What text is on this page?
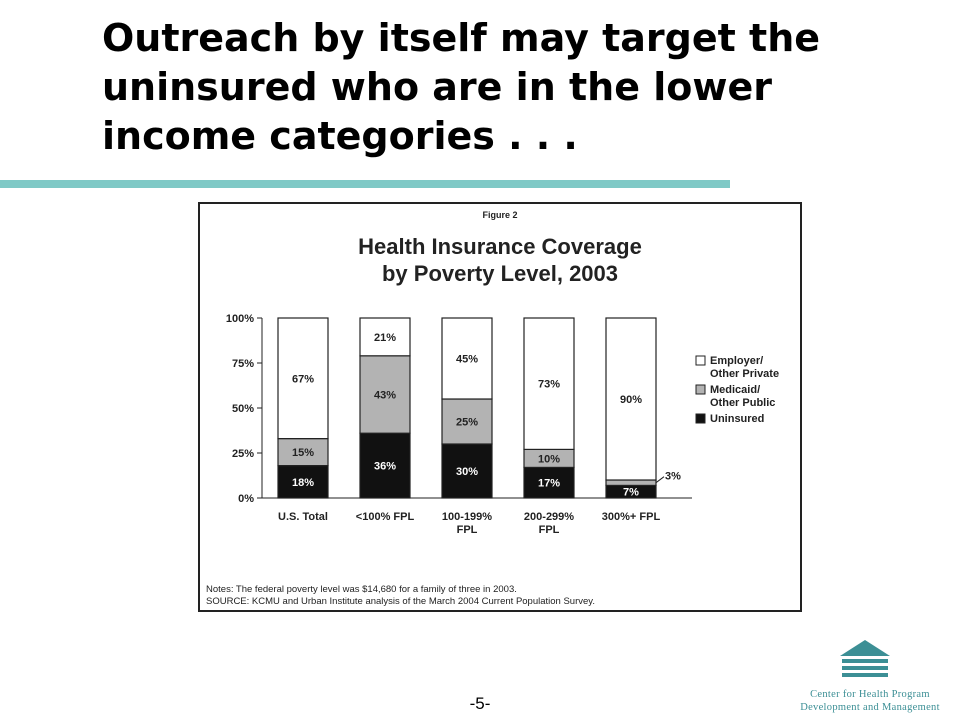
Outreach by itself may target the uninsured who are in the lower income categories . . .
Figure 2
Health Insurance Coverage
by Poverty Level, 2003
0%
25%
50%
75%
100%
18%
15%
67%
U.S. Total
36%
43%
21%
<100% FPL
30%
25%
45%
100-199%
FPL
17%
10%
73%
200-299%
FPL
7%
3%
90%
300%+ FPL
Employer/
Other Private
Medicaid/
Other Public
Uninsured
Notes: The federal poverty level was $14,680 for a family of three in 2003.
SOURCE: KCMU and Urban Institute analysis of the March 2004 Current Population Survey.
-5-	Center for Health Program
Development and Management
